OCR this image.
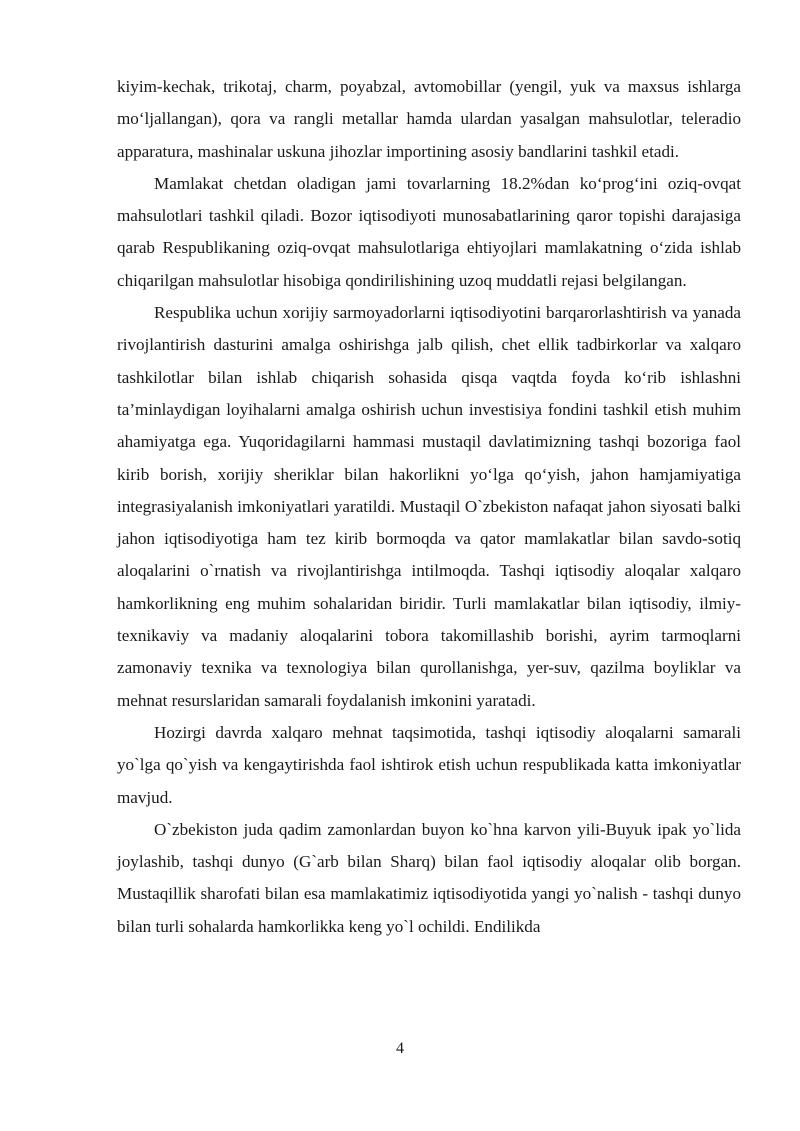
kiyim-kechak, trikotaj, charm, poyabzal, avtomobillar (yengil, yuk va maxsus ishlarga mo‘ljallangan), qora va rangli metallar hamda ulardan yasalgan mahsulotlar, teleradio apparatura, mashinalar uskuna jihozlar importining asosiy bandlarini tashkil etadi.

Mamlakat chetdan oladigan jami tovarlarning 18.2%dan ko‘prog‘ini oziq-ovqat mahsulotlari tashkil qiladi. Bozor iqtisodiyoti munosabatlarining qaror topishi darajasiga qarab Respublikaning oziq-ovqat mahsulotlariga ehtiyojlari mamlakatning o‘zida ishlab chiqarilgan mahsulotlar hisobiga qondirilishining uzoq muddatli rejasi belgilangan.

Respublika uchun xorijiy sarmoyadorlarni iqtisodiyotini barqarorlashtirish va yanada rivojlantirish dasturini amalga oshirishga jalb qilish, chet ellik tadbirkorlar va xalqaro tashkilotlar bilan ishlab chiqarish sohasida qisqa vaqtda foyda ko‘rib ishlashni ta’minlaydigan loyihalarni amalga oshirish uchun investisiya fondini tashkil etish muhim ahamiyatga ega. Yuqoridagilarni hammasi mustaqil davlatimizning tashqi bozoriga faol kirib borish, xorijiy sheriklar bilan hakorlikni yo‘lga qo‘yish, jahon hamjamiyatiga integrasiyalanish imkoniyatlari yaratildi. Mustaqil O`zbekiston nafaqat jahon siyosati balki jahon iqtisodiyotiga ham tez kirib bormoqda va qator mamlakatlar bilan savdo-sotiq aloqalarini o`rnatish va rivojlantirishga intilmoqda. Tashqi iqtisodiy aloqalar xalqaro hamkorlikning eng muhim sohalaridan biridir. Turli mamlakatlar bilan iqtisodiy, ilmiy-texnikaviy va madaniy aloqalarini tobora takomillashib borishi, ayrim tarmoqlarni zamonaviy texnika va texnologiya bilan qurollanishga, yer-suv, qazilma boyliklar va mehnat resurslaridan samarali foydalanish imkonini yaratadi.

Hozirgi davrda xalqaro mehnat taqsimotida, tashqi iqtisodiy aloqalarni samarali yo`lga qo`yish va kengaytirishda faol ishtirok etish uchun respublikada katta imkoniyatlar mavjud.

O`zbekiston juda qadim zamonlardan buyon ko`hna karvon yili-Buyuk ipak yo`lida joylashib, tashqi dunyo (G`arb bilan Sharq) bilan faol iqtisodiy aloqalar olib borgan. Mustaqillik sharofati bilan esa mamlakatimiz iqtisodiyotida yangi yo`nalish - tashqi dunyo bilan turli sohalarda hamkorlikka keng yo`l ochildi. Endilikda

4
